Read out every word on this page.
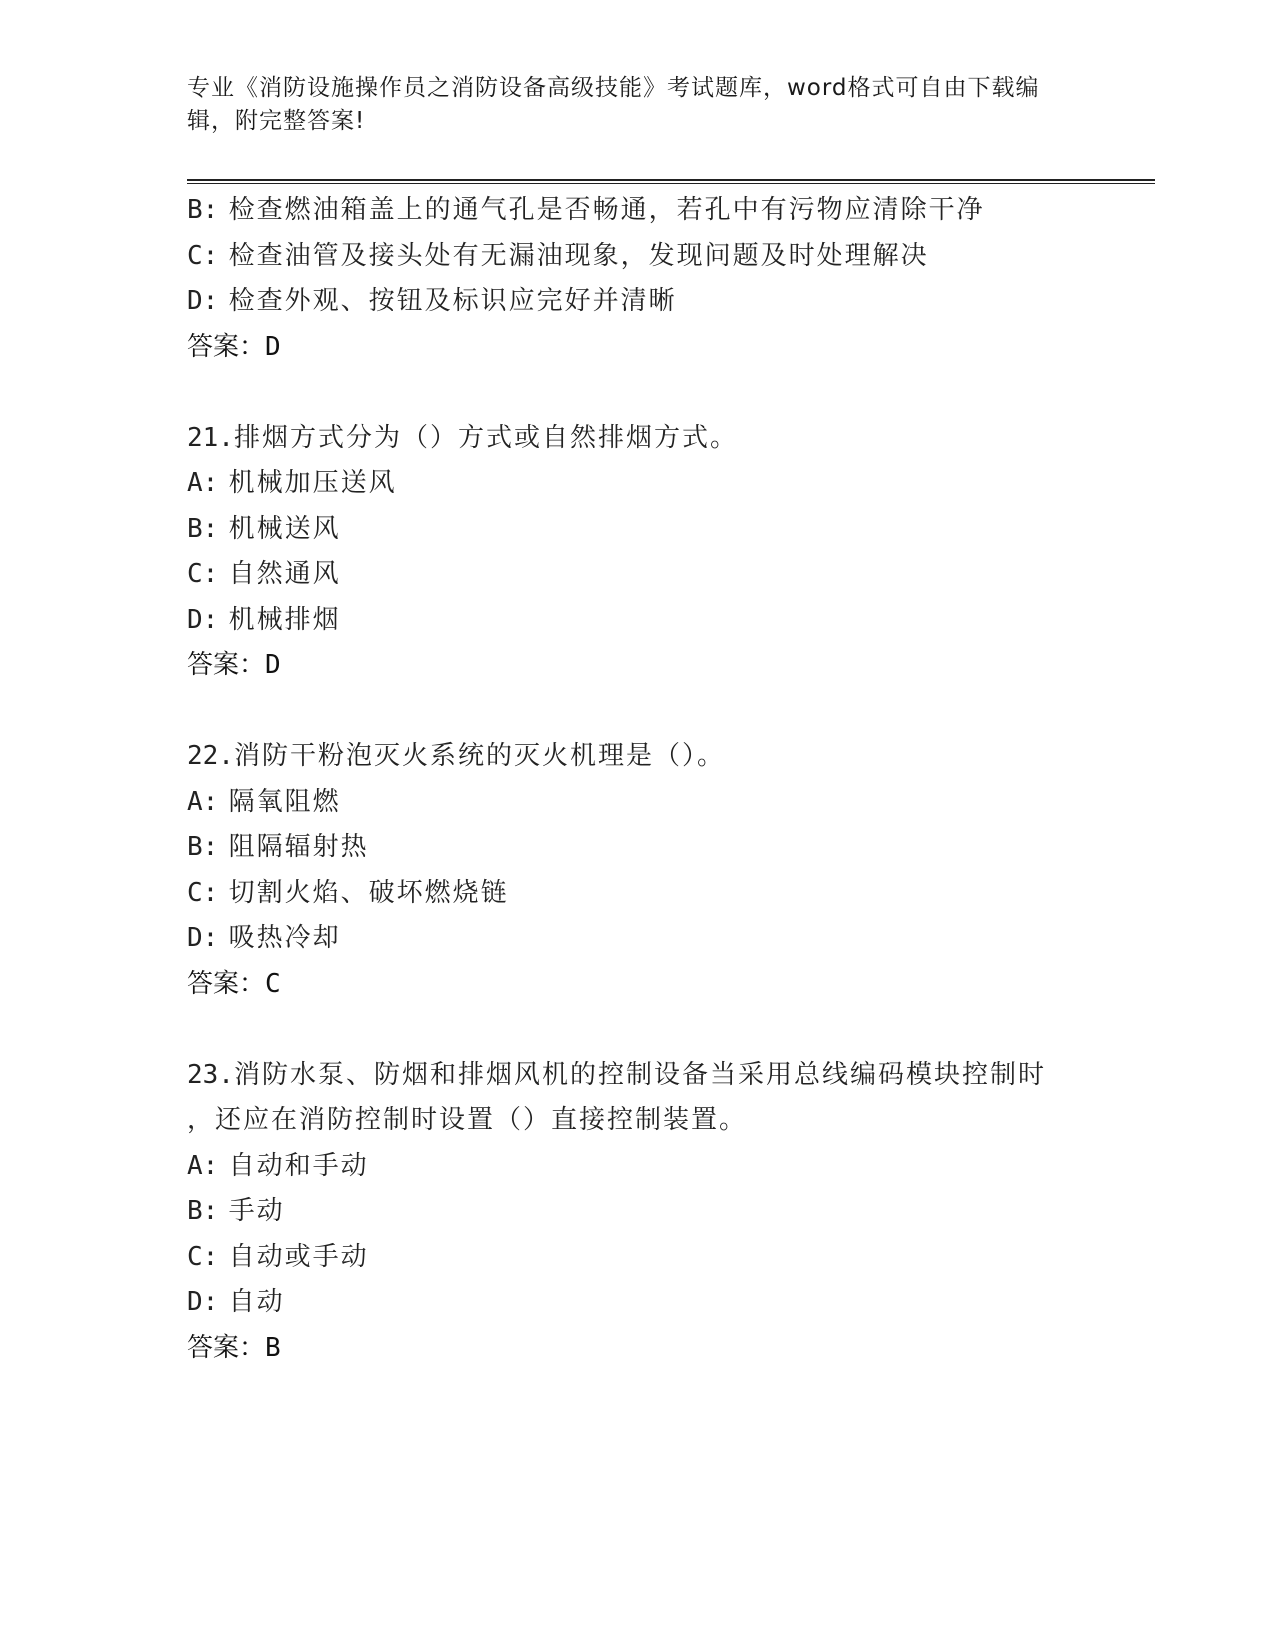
专业《消防设施操作员之消防设备高级技能》考试题库，word格式可自由下载编

辑，附完整答案!

B: 检查燃油箱盖上的通气孔是否畅通，若孔中有污物应清除干净
C: 检查油管及接头处有无漏油现象，发现问题及时处理解决
D: 检查外观、按钮及标识应完好并清晰
答案：D
21.排烟方式分为（）方式或自然排烟方式。
A: 机械加压送风
B: 机械送风
C: 自然通风
D: 机械排烟
答案：D
22.消防干粉泡灭火系统的灭火机理是（）。
A: 隔氧阻燃
B: 阻隔辐射热
C: 切割火焰、破坏燃烧链
D: 吸热冷却
答案：C
23.消防水泵、防烟和排烟风机的控制设备当采用总线编码模块控制时
，还应在消防控制时设置（）直接控制装置。
A: 自动和手动
B: 手动
C: 自动或手动
D: 自动
答案：B
